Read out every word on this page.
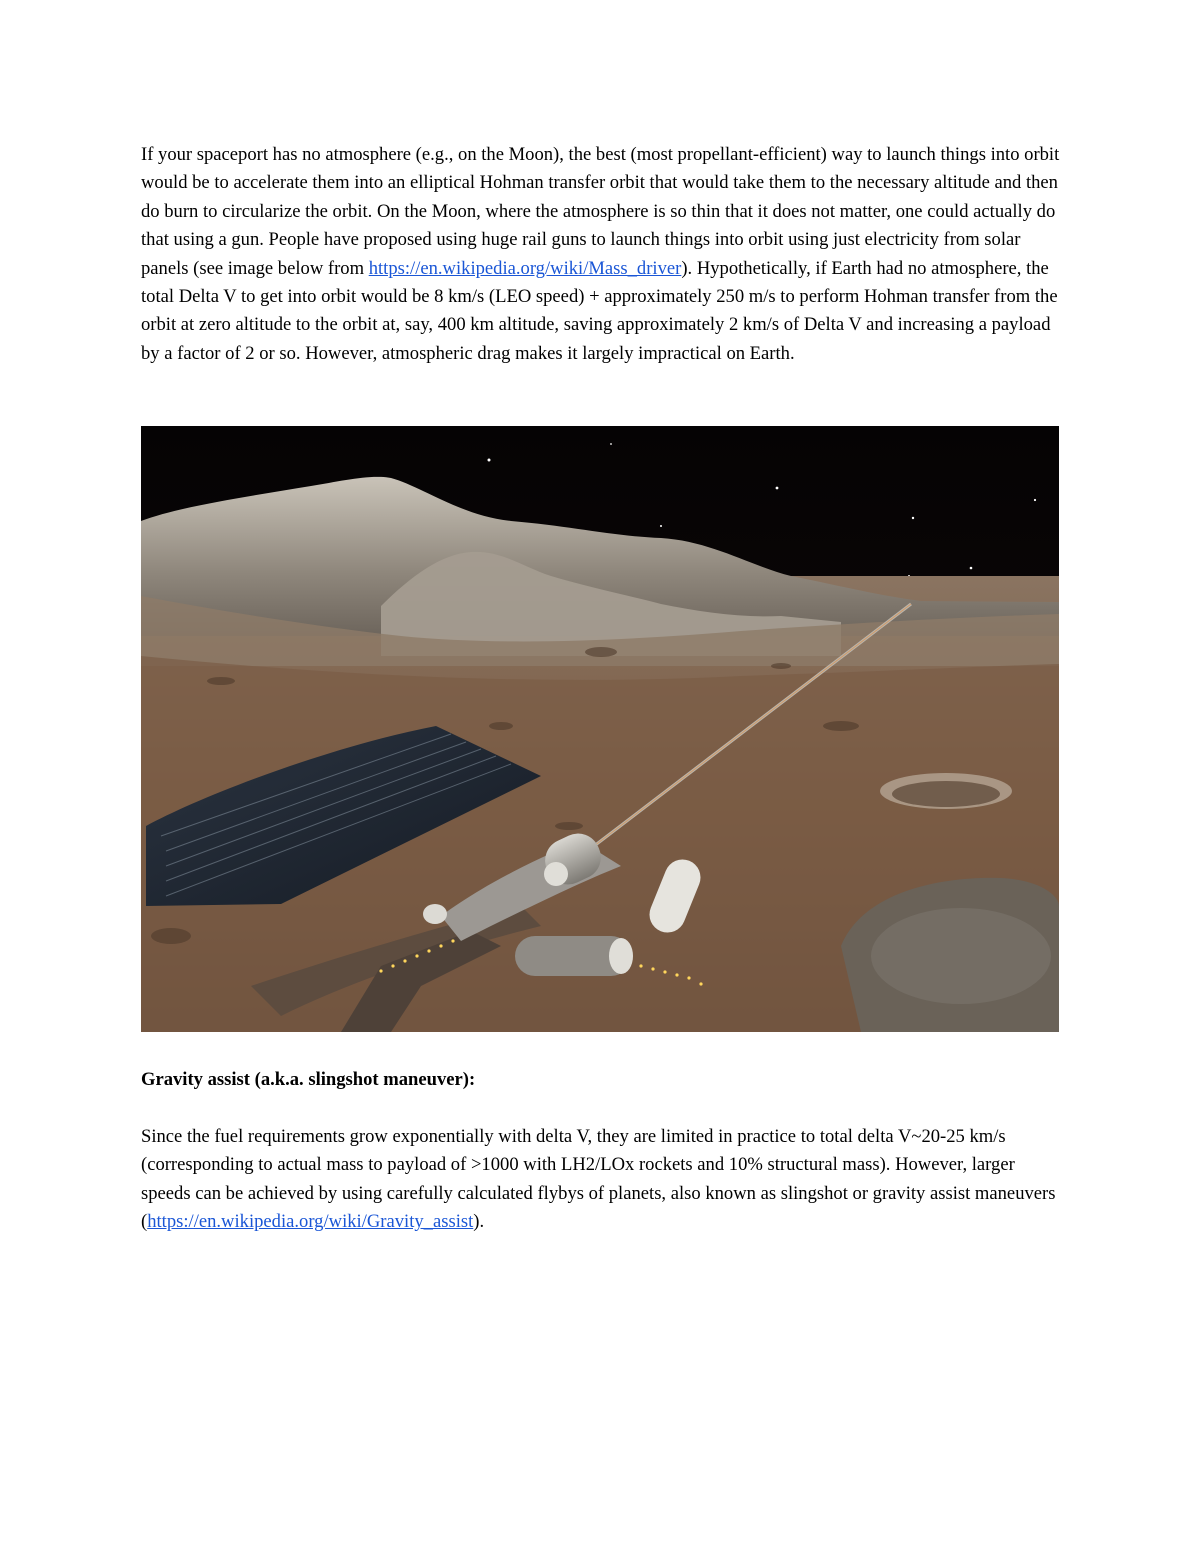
If your spaceport has no atmosphere (e.g., on the Moon), the best (most propellant-efficient) way to launch things into orbit would be to accelerate them into an elliptical Hohman transfer orbit that would take them to the necessary altitude and then do burn to circularize the orbit. On the Moon, where the atmosphere is so thin that it does not matter, one could actually do that using a gun. People have proposed using huge rail guns to launch things into orbit using just electricity from solar panels (see image below from https://en.wikipedia.org/wiki/Mass_driver). Hypothetically, if Earth had no atmosphere, the total Delta V to get into orbit would be 8 km/s (LEO speed) + approximately 250 m/s to perform Hohman transfer from the orbit at zero altitude to the orbit at, say, 400 km altitude, saving approximately 2 km/s of Delta V and increasing a payload by a factor of 2 or so. However, atmospheric drag makes it largely impractical on Earth.

Gravity assist (a.k.a. slingshot maneuver):

Since the fuel requirements grow exponentially with delta V, they are limited in practice to total delta V~20-25 km/s (corresponding to actual mass to payload of >1000 with LH2/LOx rockets and 10% structural mass). However, larger speeds can be achieved by using carefully calculated flybys of planets, also known as slingshot or gravity assist maneuvers (https://en.wikipedia.org/wiki/Gravity_assist).
